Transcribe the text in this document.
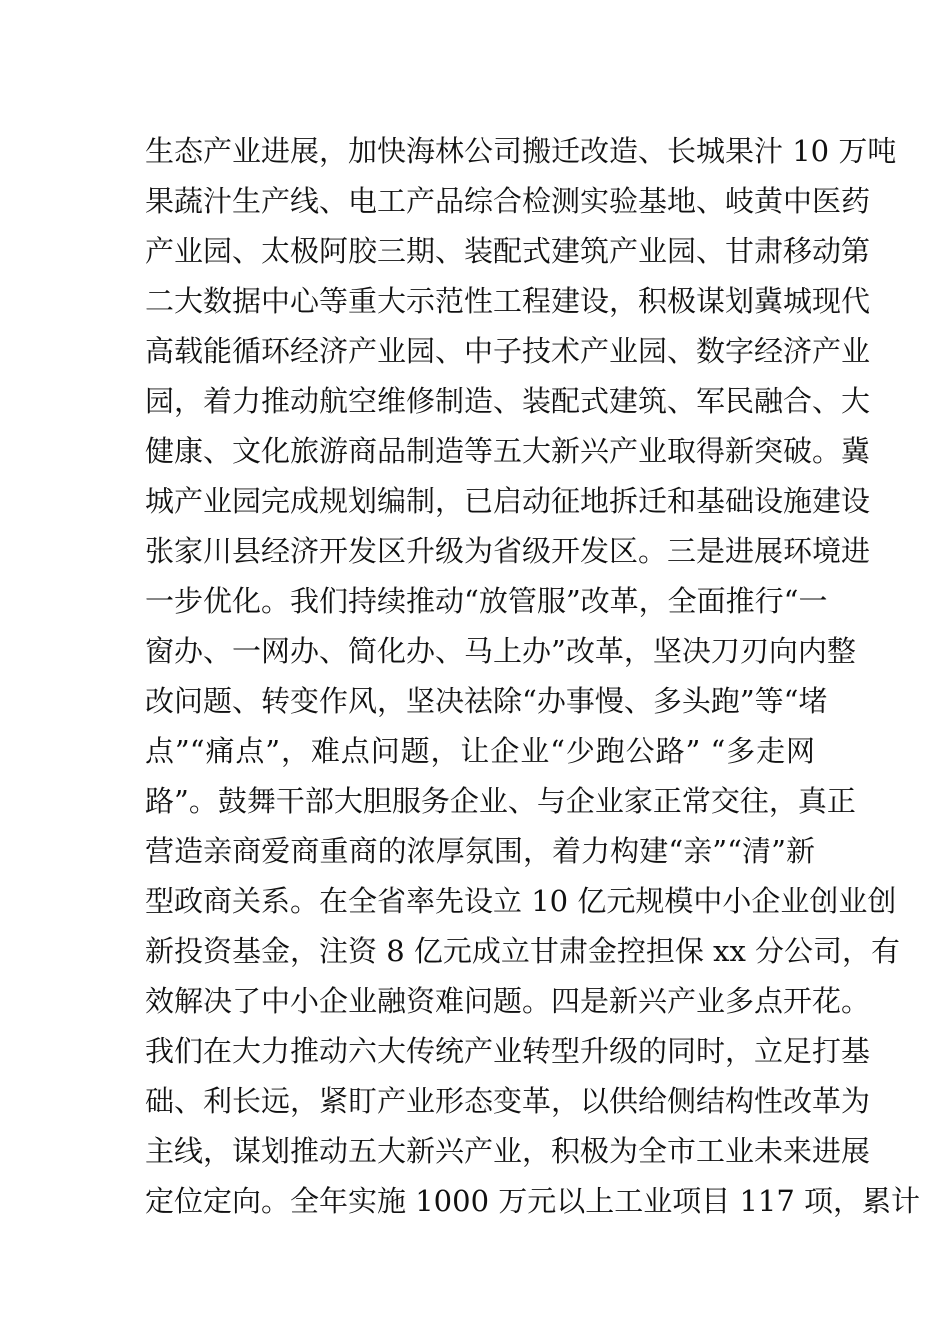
生态产业进展，加快海林公司搬迁改造、长城果汁 10 万吨
果蔬汁生产线、电工产品综合检测实验基地、岐黄中医药
产业园、太极阿胶三期、装配式建筑产业园、甘肃移动第
二大数据中心等重大示范性工程建设，积极谋划冀城现代
高载能循环经济产业园、中子技术产业园、数字经济产业
园，着力推动航空维修制造、装配式建筑、军民融合、大
健康、文化旅游商品制造等五大新兴产业取得新突破。冀
城产业园完成规划编制，已启动征地拆迁和基础设施建设
张家川县经济开发区升级为省级开发区。三是进展环境进
一步优化。我们持续推动“放管服”改革，全面推行“一
窗办、一网办、简化办、马上办”改革，坚决刀刃向内整
改问题、转变作风，坚决祛除“办事慢、多头跑”等“堵
点”“痛点”，难点问题，让企业“少跑公路” “多走网
路”。鼓舞干部大胆服务企业、与企业家正常交往，真正
营造亲商爱商重商的浓厚氛围，着力构建“亲”“清”新
型政商关系。在全省率先设立 10 亿元规模中小企业创业创
新投资基金，注资 8 亿元成立甘肃金控担保 xx 分公司，有
效解决了中小企业融资难问题。四是新兴产业多点开花。
我们在大力推动六大传统产业转型升级的同时，立足打基
础、利长远，紧盯产业形态变革，以供给侧结构性改革为
主线，谋划推动五大新兴产业，积极为全市工业未来进展
定位定向。全年实施 1000 万元以上工业项目 117 项，累计
